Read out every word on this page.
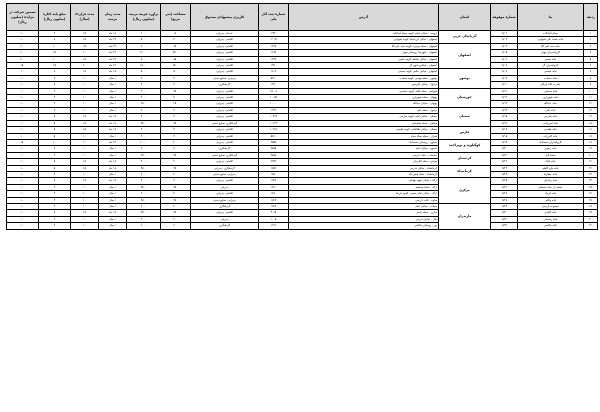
ردیف	بنا	شماره موقوفه	استان	آدرس	شماره ثبت آثار ملی	کاربری پیشنهادی صندوق	مساحت (متر مربع)	برآورد هزینه مرمت (میلیون ریال)	مدت زمان مرمت	مدت قرارداد (سال)	مبلغ پایه اجاره (میلیون ریال)	تضمین شرکت در مزایده (میلیون ریال)
۱	حمام آسانکده	۰۹/۰۲	آذربایجان غربی	ارومیه - خیابان خیام، کوچه حمام آسانکده	۰۳۳۴۰	خدمات پذیرایی	۱۸۰	۲۰۰۰	۱۸ ماه	۱۵	۴	۱۰۰
۲	خانه محمد علی شیوایی	۰۹/۰۳		اصفهان - خیابان ابن سینا، کوچه شیوایی	۰۳۰۹۲	اقامتی، پذیرایی	۴۰۰	۵۰۰۰	۲۴ ماه	۱۵	۸	۱۰۰
۳	خانه سید علی آقا	۰۹/۰۴	اصفهان	اصفهان - محله جوباره، کوچه سید علی آقا	۱۲۳۸	اقامتی، پذیرایی	۶۵۰	۶۰۰۰	۲۴ ماه	۱۵	۱۰	۲۰۰
۴	کاروانسرای مهیار	۰۹/۰۵		اصفهان - شهرضا، روستای مهیار	۱۲۷۷	اقامتی، پذیرایی	۴۵۰۰	۱۲۰۰۰	۳۶ ماه	۲۰	۱۵	۲۰۰
۵	خانه مشیر	۰۹/۰۶		اصفهان - خیابان نشاط، کوچه مشیر	۱۳۴۷	اقامتی، پذیرایی	۸۵۰	۷۰۰۰	۲۴ ماه	۱۵	۱۰	۲۰۰
۶	کاروانسرای گز	۰۹/۰۷		اصفهان - شاهین شهر، گز	۱۳۹۰	اقامتی، پذیرایی	۷۵۰۰	۱۵۰۰۰	۳۶ ماه	۲۰	۱۵	۱۵۰
۷	خانه حقیقی	۰۹/۰۸	بوشهر	اصفهان - خیابان حکیم، کوچه حقیقی	۱۸۰۹	اقامتی، پذیرایی	۵۰۰	۵۰۰۰	۱۸ ماه	۱۵	۸	۱۰۰
۸	خانه سعادت	۰۹/۰۹		بوشهر - محله بهمنی، کوچه سعادت	۵۶۳۰	پذیرایی، صنایع دستی	۳۰۰	۳۰۰۰	۱ سال	۱۰	۴	۱۰۰
۹	عمارت کلاه فرنگی	۰۹/۱۰		دزفول - خیابان آفرینش	۱۳۷۰	گردشگری	۴۰۰	۴۰۰۰	۱ سال	۱۰	۵	۱۰۰
۱۰	خانه محسنی	۰۹/۱۱	خوزستان	شوشتر - محله قلعه، کوچه محسنی	۱۵۰۰۸	اقامتی، پذیرایی	۳۵۰	۳۰۰۰	۱ سال	۱۰	۴	۱۰۰
۱۱	خانه شهریاری	۰۹/۱۲		بهبهان - محله شهریاری	۱۰۰۵۹	اقامتی، پذیرایی	۳۰۰	۳۰۰۰	۱ سال	۱۰	۴	۱۰۰
۱۲	خانه عبدالله	۰۹/۱۳		بهبهان - خیابان عبدالله	۱۰۰۰۰	اقامتی، پذیرایی	۲۵۰	۲۵۰۰	۱ سال	۱۰	۴	۱۰۰
۱۳	خانه نیلی	۰۹/۱۴	سمنان	دزفول - محله نیلی	۱۲۴۲	اقامتی، پذیرایی	۳۰۰	۳۰۰۰	۱ سال	۱۰	۴	۱۰۰
۱۴	خانه صارمی	۰۹/۱۵		سمنان - خیابان امام، کوچه صارمی	۱۰۴۳۸	اقامتی، پذیرایی	۴۰۰	۴۰۰۰	۱۸ ماه	۱۵	۵	۱۰۰
۱۵	خانه امیرخانی	۰۹/۱۶		سمنان - محله اسفنجان	۱۰۲۲۴	گردشگری، صنایع دستی	۳۵۰	۳۵۰۰	۱۸ ماه	۱۵	۵	۱۰۰
۱۶	خانه طبسی	۰۹/۱۷	فارس	سمنان - خیابان طالقانی، کوچه طبسی	۱۰۲۲۸	اقامتی، پذیرایی	۳۰۰	۳۰۰۰	۱۸ ماه	۱۵	۵	۱۰۰
۱۷	خانه اکبرزاده	۰۹/۱۸		شیراز - محله سنگ سیاه	۵۸۲۰	اقامتی، پذیرایی	۳۰۰	۳۰۰۰	۱ سال	۱۰	۵	۱۰۰
۱۸	کاروانسرای محمدآباد	۰۹/۱۹	کهگیلویه و بویراحمد	یاسوج - روستای محمدآباد	۳۵۵۷	اقامتی، پذیرایی	۲۰۰۰	۱۰۰۰۰	۳۶ ماه	۲۰	۱۰	۱۵۰
۱۹	خانه رضوی	۰۹/۲۰		یاسوج - خیابان امام	۳۵۸۵	گردشگری	۳۰۰	۳۰۰۰	۱ سال	۱۰	۴	۱۰۰
۲۰	حمام گپ	۰۹/۲۱	کردستان	دهدشت - بافت تاریخی	۳۵۸۸	گردشگری، صنایع دستی	۲۵۰	۲۵۰۰	۱ سال	۱۰	۴	۱۰۰
۲۱	خانه پلنگ	۰۹/۲۲		سنندج - محله آقازمان	۲۹۳۲	اقامتی، پذیرایی	۴۰۰	۴۰۰۰	۱۸ ماه	۱۵	۵	۱۰۰
۲۲	خانه حاج کاظم	۰۹/۲۳	کرمانشاه	کرمانشاه - خیابان مدرس	۱۵۹۶	گردشگری، پذیرایی	۳۵۰	۳۵۰۰	۱۸ ماه	۱۵	۵	۱۰۰
۲۳	خانه عطارها	۰۹/۲۴		کرمانشاه - محله فیض آباد	۱۵۹۰	پذیرایی، صنایع دستی	۳۰۰	۳۰۰۰	۱ سال	۱۰	۴	۱۰۰
۲۴	خانه یزدانیان	۰۹/۲۵	مرکزی	اراک - خیابان شهید بهشتی	۱۹۳۸	اقامتی، پذیرایی	۴۰۰	۴۰۰۰	۱۸ ماه	۱۵	۵	۱۰۰
۲۵	بخشی از خانه محتشم	۰۹/۲۶		اراک - محله محتشم	۱۸۳۰	پذیرایی	۳۵۰	۳۵۰۰	۱ سال	۱۰	۴	۱۰۰
۲۶	خانه فرجاد	۰۹/۲۷		اراک - خیابان امام خمینی، کوچه فرجاد	۱۸۳۰	اقامتی، پذیرایی	۳۰۰	۳۰۰۰	۱ سال	۱۰	۴	۱۰۰
۲۷	خانه وکیلی	۰۹/۲۸		ساوه - بافت تاریخی	۱۸۲۹	پذیرایی، صنایع دستی	۲۵۰	۲۵۰۰	۱ سال	۱۰	۴	۱۰۰
۲۸	مجموعه تاریخی	۰۹/۲۹	مازندران	محلات - خیابان امام	۱۸۳۷	گردشگری	۳۰۰	۳۰۰۰	۱ سال	۱۰	۴	۱۰۰
۲۹	خانه کلبادی	۰۹/۳۰		ساری - محله پامنار	۴۰۲۵	اقامتی، پذیرایی	۳۵۰	۳۵۰۰	۱۸ ماه	۱۵	۵	۱۰۰
۳۰	خانه رمضانی	۰۹/۳۱		بابل - خیابان مدرس	۱۰۰۵	پذیرایی	۳۰۰	۳۰۰۰	۱ سال	۱۰	۴	۱۰۰
۳۱	تکیه چاکسر	۰۹/۳۲		نور - روستای چاکسر	۱۲۲۶	گردشگری	۲۰۰	۲۰۰۰	۱ سال	۱۰	۴	۱۰۰
